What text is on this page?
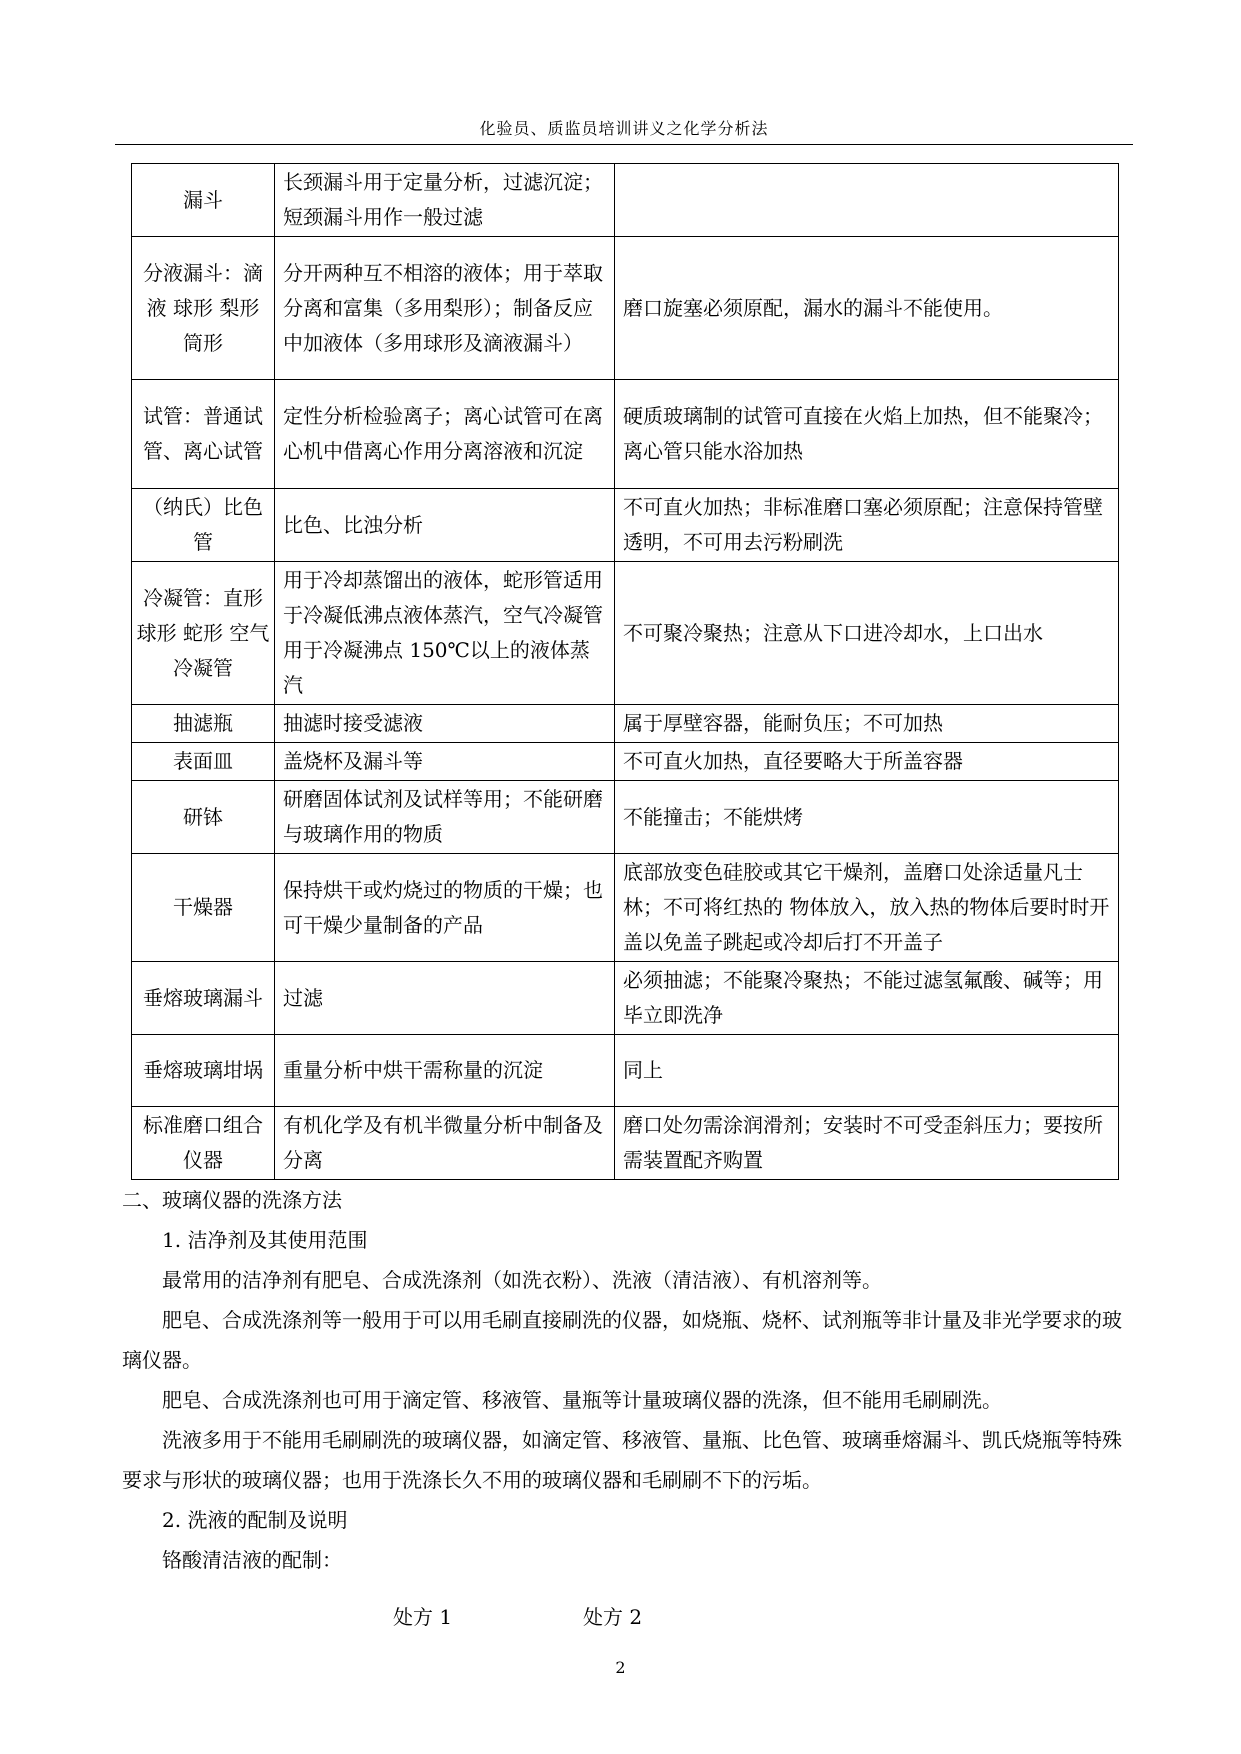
化验员、质监员培训讲义之化学分析法
漏斗	长颈漏斗用于定量分析，过滤沉淀；短颈漏斗用作一般过滤	
分液漏斗：滴液 球形 梨形 筒形	分开两种互不相溶的液体；用于萃取分离和富集（多用梨形）；制备反应中加液体（多用球形及滴液漏斗）	磨口旋塞必须原配，漏水的漏斗不能使用。
试管：普通试管、离心试管	定性分析检验离子；离心试管可在离心机中借离心作用分离溶液和沉淀	硬质玻璃制的试管可直接在火焰上加热，但不能聚冷；离心管只能水浴加热
（纳氏）比色管	比色、比浊分析	不可直火加热；非标准磨口塞必须原配；注意保持管壁透明，不可用去污粉刷洗
冷凝管：直形 球形 蛇形 空气冷凝管	用于冷却蒸馏出的液体，蛇形管适用于冷凝低沸点液体蒸汽，空气冷凝管用于冷凝沸点 150℃以上的液体蒸汽	不可聚冷聚热；注意从下口进冷却水，上口出水
抽滤瓶	抽滤时接受滤液	属于厚壁容器，能耐负压；不可加热
表面皿	盖烧杯及漏斗等	不可直火加热，直径要略大于所盖容器
研钵	研磨固体试剂及试样等用；不能研磨与玻璃作用的物质	不能撞击；不能烘烤
干燥器	保持烘干或灼烧过的物质的干燥；也可干燥少量制备的产品	底部放变色硅胶或其它干燥剂，盖磨口处涂适量凡士林；不可将红热的 物体放入，放入热的物体后要时时开盖以免盖子跳起或冷却后打不开盖子
垂熔玻璃漏斗	过滤	必须抽滤；不能聚冷聚热；不能过滤氢氟酸、碱等；用毕立即洗净
垂熔玻璃坩埚	重量分析中烘干需称量的沉淀	同上
标准磨口组合仪器	有机化学及有机半微量分析中制备及分离	磨口处勿需涂润滑剂；安装时不可受歪斜压力；要按所需装置配齐购置

二、玻璃仪器的洗涤方法

1. 洁净剂及其使用范围

最常用的洁净剂有肥皂、合成洗涤剂（如洗衣粉）、洗液（清洁液）、有机溶剂等。

肥皂、合成洗涤剂等一般用于可以用毛刷直接刷洗的仪器，如烧瓶、烧杯、试剂瓶等非计量及非光学要求的玻璃仪器。

肥皂、合成洗涤剂也可用于滴定管、移液管、量瓶等计量玻璃仪器的洗涤，但不能用毛刷刷洗。

洗液多用于不能用毛刷刷洗的玻璃仪器，如滴定管、移液管、量瓶、比色管、玻璃垂熔漏斗、凯氏烧瓶等特殊要求与形状的玻璃仪器；也用于洗涤长久不用的玻璃仪器和毛刷刷不下的污垢。

2. 洗液的配制及说明

铬酸清洁液的配制：

处方 1	处方 2
2
